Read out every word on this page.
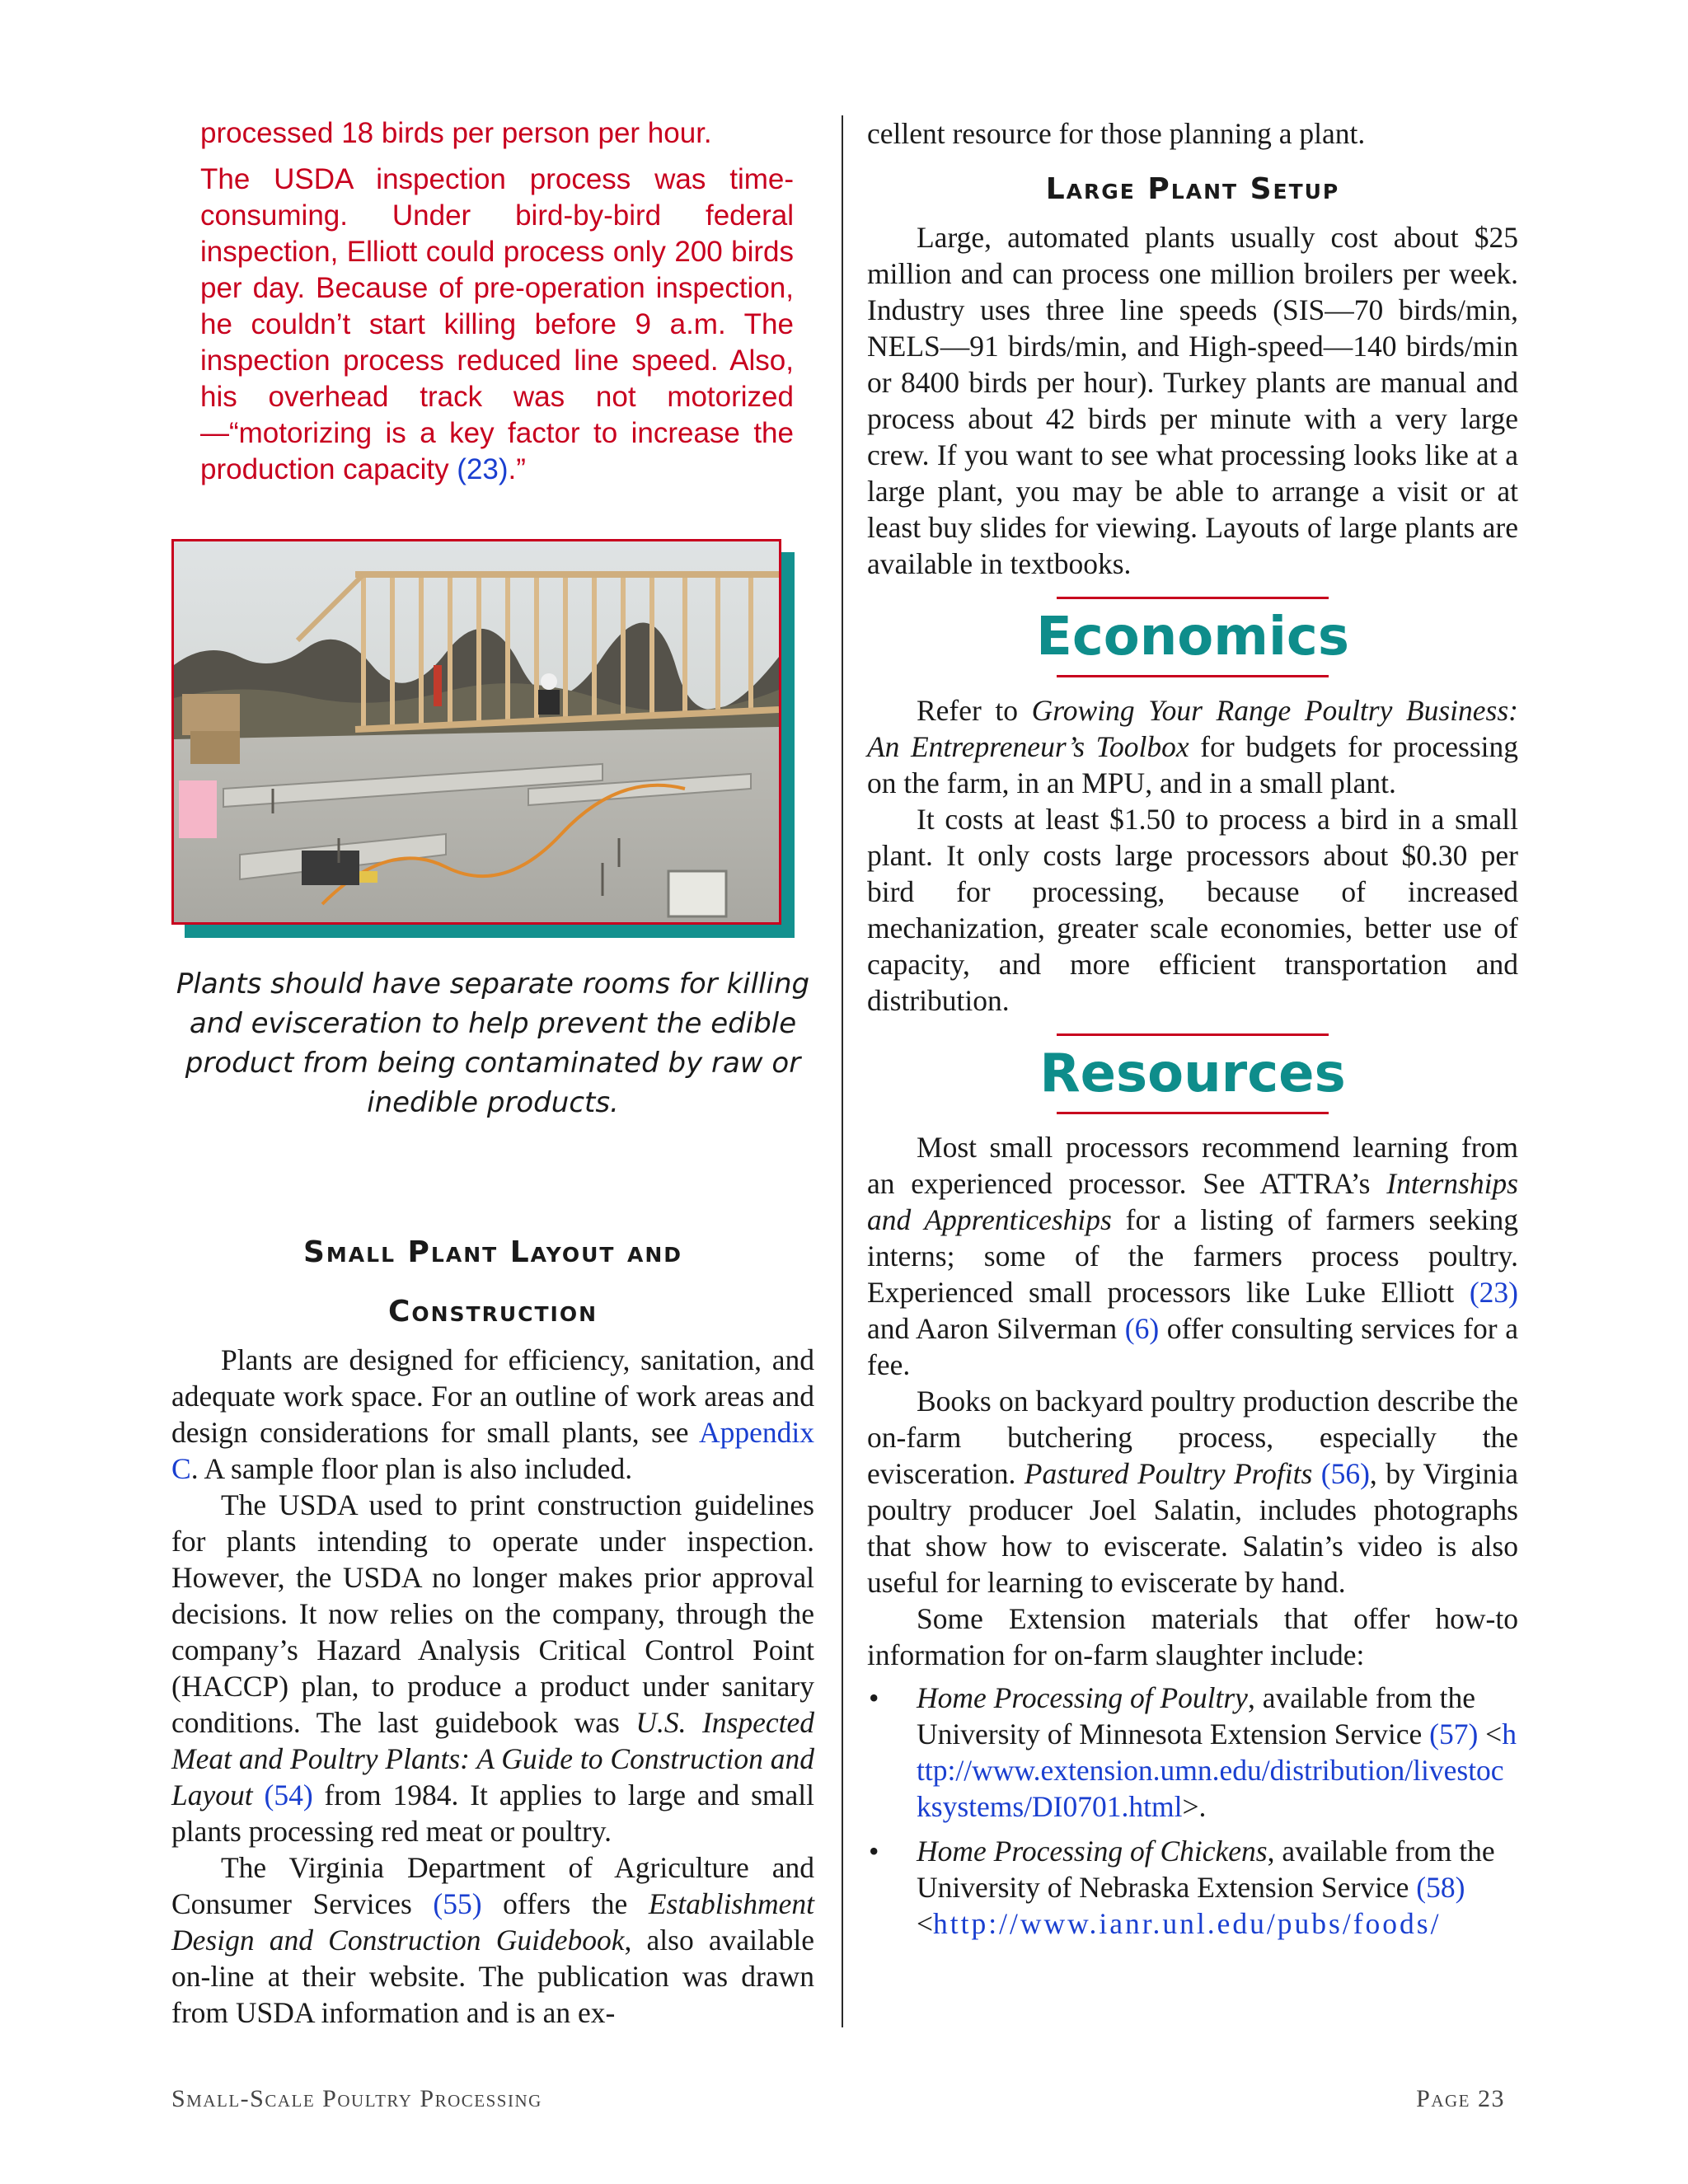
processed 18 birds per person per hour.

The USDA inspection process was time-consuming. Under bird-by-bird federal inspection, Elliott could process only 200 birds per day. Because of pre-operation inspection, he couldn’t start killing before 9 a.m. The inspection process reduced line speed. Also, his overhead track was not motorized—“motorizing is a key factor to increase the production capacity (23).”

Plants should have separate rooms for killing and evisceration to help prevent the edible product from being contaminated by raw or inedible products.
Small Plant Layout and
Construction

Plants are designed for efficiency, sanitation, and adequate work space. For an outline of work areas and design considerations for small plants, see Appendix C. A sample floor plan is also included.

The USDA used to print construction guidelines for plants intending to operate under inspection. However, the USDA no longer makes prior approval decisions. It now relies on the company, through the company’s Hazard Analysis Critical Control Point (HACCP) plan, to produce a product under sanitary conditions. The last guidebook was U.S. Inspected Meat and Poultry Plants: A Guide to Construction and Layout (54) from 1984. It applies to large and small plants processing red meat or poultry.

The Virginia Department of Agriculture and Consumer Services (55) offers the Establishment Design and Construction Guidebook, also available on-line at their website. The publication was drawn from USDA information and is an ex-

cellent resource for those planning a plant.

Large Plant Setup

Large, automated plants usually cost about $25 million and can process one million broilers per week. Industry uses three line speeds (SIS—70 birds/min, NELS—91 birds/min, and High-speed—140 birds/min or 8400 birds per hour). Turkey plants are manual and process about 42 birds per minute with a very large crew. If you want to see what processing looks like at a large plant, you may be able to arrange a visit or at least buy slides for viewing. Layouts of large plants are available in textbooks.

Economics

Refer to Growing Your Range Poultry Business: An Entrepreneur’s Toolbox for budgets for processing on the farm, in an MPU, and in a small plant.

It costs at least $1.50 to process a bird in a small plant. It only costs large processors about $0.30 per bird for processing, because of increased mechanization, greater scale economies, better use of capacity, and more efficient transportation and distribution.

Resources

Most small processors recommend learning from an experienced processor. See ATTRA’s Internships and Apprenticeships for a listing of farmers seeking interns; some of the farmers process poultry. Experienced small processors like Luke Elliott (23) and Aaron Silverman (6) offer consulting services for a fee.

Books on backyard poultry production describe the on-farm butchering process, especially the evisceration. Pastured Poultry Profits (56), by Virginia poultry producer Joel Salatin, includes photographs that show how to eviscerate. Salatin’s video is also useful for learning to eviscerate by hand.

Some Extension materials that offer how-to information for on-farm slaughter include:

• Home Processing of Poultry, available from the University of Minnesota Extension Service (57) <http://www.extension.umn.edu/distribution/livestocksystems/DI0701.html>.
• Home Processing of Chickens, available from the University of Nebraska Extension Service (58) <http://www.ianr.unl.edu/pubs/foods/
Small-Scale Poultry Processing	Page 23
